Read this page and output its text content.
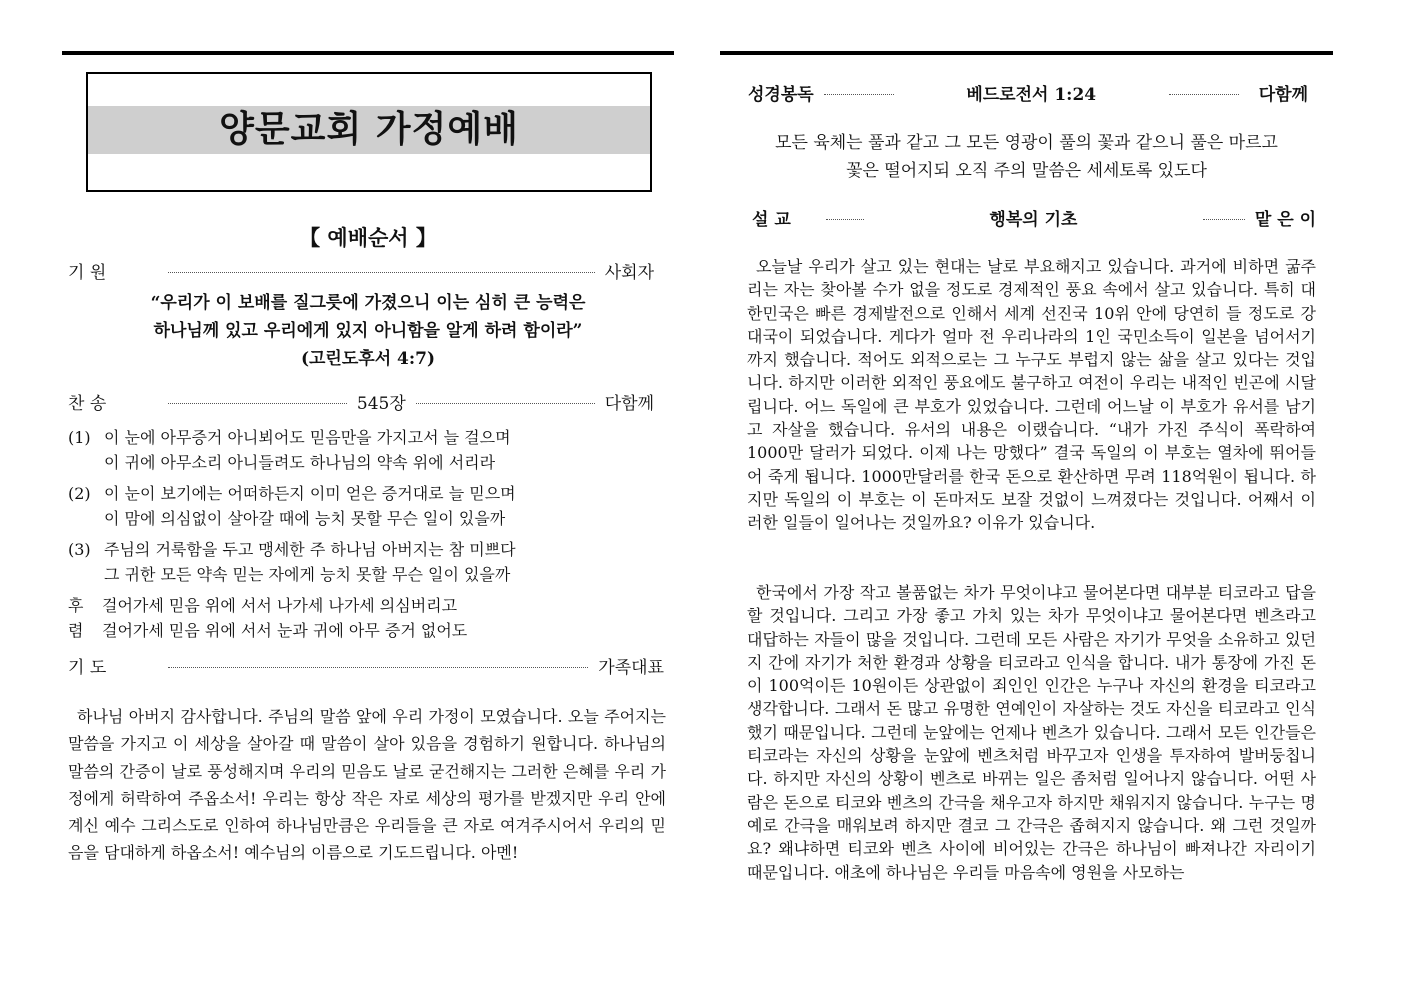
양문교회 가정예배
【 예배순서 】
기 원	사회자
“우리가 이 보배를 질그릇에 가졌으니 이는 심히 큰 능력은
하나님께 있고 우리에게 있지 아니함을 알게 하려 함이라”
(고린도후서 4:7)
찬 송	545장	다함께
(1) 이 눈에 아무증거 아니뵈어도 믿음만을 가지고서 늘 걸으며
이 귀에 아무소리 아니들려도 하나님의 약속 위에 서리라
(2) 이 눈이 보기에는 어떠하든지 이미 얻은 증거대로 늘 믿으며
이 맘에 의심없이 살아갈 때에 능치 못할 무슨 일이 있을까
(3) 주님의 거룩함을 두고 맹세한 주 하나님 아버지는 참 미쁘다
그 귀한 모든 약속 믿는 자에게 능치 못할 무슨 일이 있을까
후
렴
걸어가세 믿음 위에 서서 나가세 나가세 의심버리고
걸어가세 믿음 위에 서서 눈과 귀에 아무 증거 없어도
기 도	가족대표
하나님 아버지 감사합니다. 주님의 말씀 앞에 우리 가정이 모였습니다. 오늘 주어지는 말씀을 가지고 이 세상을 살아갈 때 말씀이 살아 있음을 경험하기 원합니다. 하나님의 말씀의 간증이 날로 풍성해지며 우리의 믿음도 날로 굳건해지는 그러한 은혜를 우리 가정에게 허락하여 주옵소서! 우리는 항상 작은 자로 세상의 평가를 받겠지만 우리 안에 계신 예수 그리스도로 인하여 하나님만큼은 우리들을 큰 자로 여겨주시어서 우리의 믿음을 담대하게 하옵소서! 예수님의 이름으로 기도드립니다. 아멘!
성경봉독	베드로전서 1:24	다함께
모든 육체는 풀과 같고 그 모든 영광이 풀의 꽃과 같으니 풀은 마르고
꽃은 떨어지되 오직 주의 말씀은 세세토록 있도다
설 교	행복의 기초	맡 은 이
오늘날 우리가 살고 있는 현대는 날로 부요해지고 있습니다. 과거에 비하면 굶주리는 자는 찾아볼 수가 없을 정도로 경제적인 풍요 속에서 살고 있습니다. 특히 대한민국은 빠른 경제발전으로 인해서 세계 선진국 10위 안에 당연히 들 정도로 강대국이 되었습니다. 게다가 얼마 전 우리나라의 1인 국민소득이 일본을 넘어서기까지 했습니다. 적어도 외적으로는 그 누구도 부럽지 않는 삶을 살고 있다는 것입니다. 하지만 이러한 외적인 풍요에도 불구하고 여전이 우리는 내적인 빈곤에 시달립니다. 어느 독일에 큰 부호가 있었습니다. 그런데 어느날 이 부호가 유서를 남기고 자살을 했습니다. 유서의 내용은 이랬습니다. “내가 가진 주식이 폭락하여 1000만 달러가 되었다. 이제 나는 망했다” 결국 독일의 이 부호는 열차에 뛰어들어 죽게 됩니다. 1000만달러를 한국 돈으로 환산하면 무려 118억원이 됩니다. 하지만 독일의 이 부호는 이 돈마저도 보잘 것없이 느껴졌다는 것입니다. 어째서 이러한 일들이 일어나는 것일까요? 이유가 있습니다.
한국에서 가장 작고 볼품없는 차가 무엇이냐고 물어본다면 대부분 티코라고 답을 할 것입니다. 그리고 가장 좋고 가치 있는 차가 무엇이냐고 물어본다면 벤츠라고 대답하는 자들이 많을 것입니다. 그런데 모든 사람은 자기가 무엇을 소유하고 있던지 간에 자기가 처한 환경과 상황을 티코라고 인식을 합니다. 내가 통장에 가진 돈이 100억이든 10원이든 상관없이 죄인인 인간은 누구나 자신의 환경을 티코라고 생각합니다. 그래서 돈 많고 유명한 연예인이 자살하는 것도 자신을 티코라고 인식했기 때문입니다. 그런데 눈앞에는 언제나 벤츠가 있습니다. 그래서 모든 인간들은 티코라는 자신의 상황을 눈앞에 벤츠처럼 바꾸고자 인생을 투자하여 발버둥칩니다. 하지만 자신의 상황이 벤츠로 바뀌는 일은 좀처럼 일어나지 않습니다. 어떤 사람은 돈으로 티코와 벤츠의 간극을 채우고자 하지만 채워지지 않습니다. 누구는 명예로 간극을 매워보려 하지만 결코 그 간극은 좁혀지지 않습니다. 왜 그런 것일까요? 왜냐하면 티코와 벤츠 사이에 비어있는 간극은 하나님이 빠져나간 자리이기 때문입니다. 애초에 하나님은 우리들 마음속에 영원을 사모하는
